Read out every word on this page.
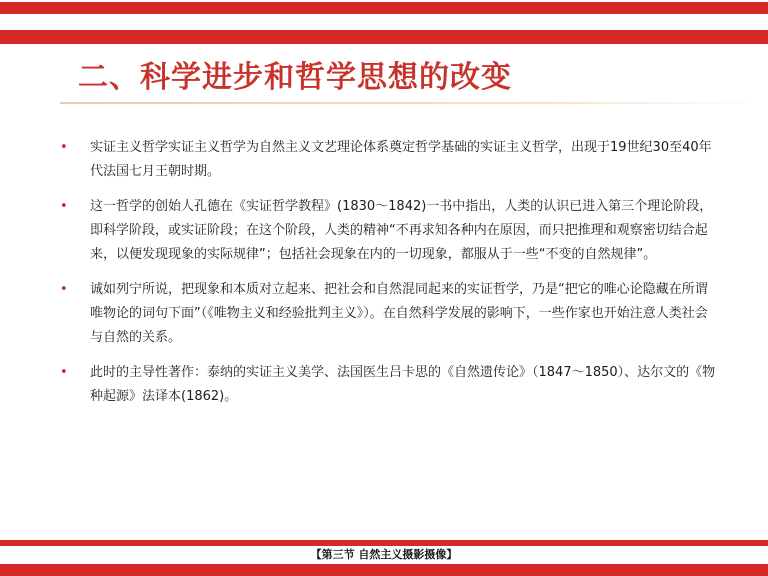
二、科学进步和哲学思想的改变
•	实证主义哲学实证主义哲学为自然主义文艺理论体系奠定哲学基础的实证主义哲学，出现于19世纪30至40年代法国七月王朝时期。
•	这一哲学的创始人孔德在《实证哲学教程》(1830～1842)一书中指出，人类的认识已进入第三个理论阶段，即科学阶段，或实证阶段；在这个阶段，人类的精神“不再求知各种内在原因，而只把推理和观察密切结合起来，以便发现现象的实际规律”；包括社会现象在内的一切现象，都服从于一些“不变的自然规律”。
•	诚如列宁所说，把现象和本质对立起来、把社会和自然混同起来的实证哲学，乃是“把它的唯心论隐藏在所谓唯物论的词句下面”（《唯物主义和经验批判主义》）。在自然科学发展的影响下，一些作家也开始注意人类社会与自然的关系。
•	此时的主导性著作：泰纳的实证主义美学、法国医生吕卡思的《自然遗传论》（1847～1850）、达尔文的《物种起源》法译本(1862)。
【第三节 自然主义摄影摄像】
